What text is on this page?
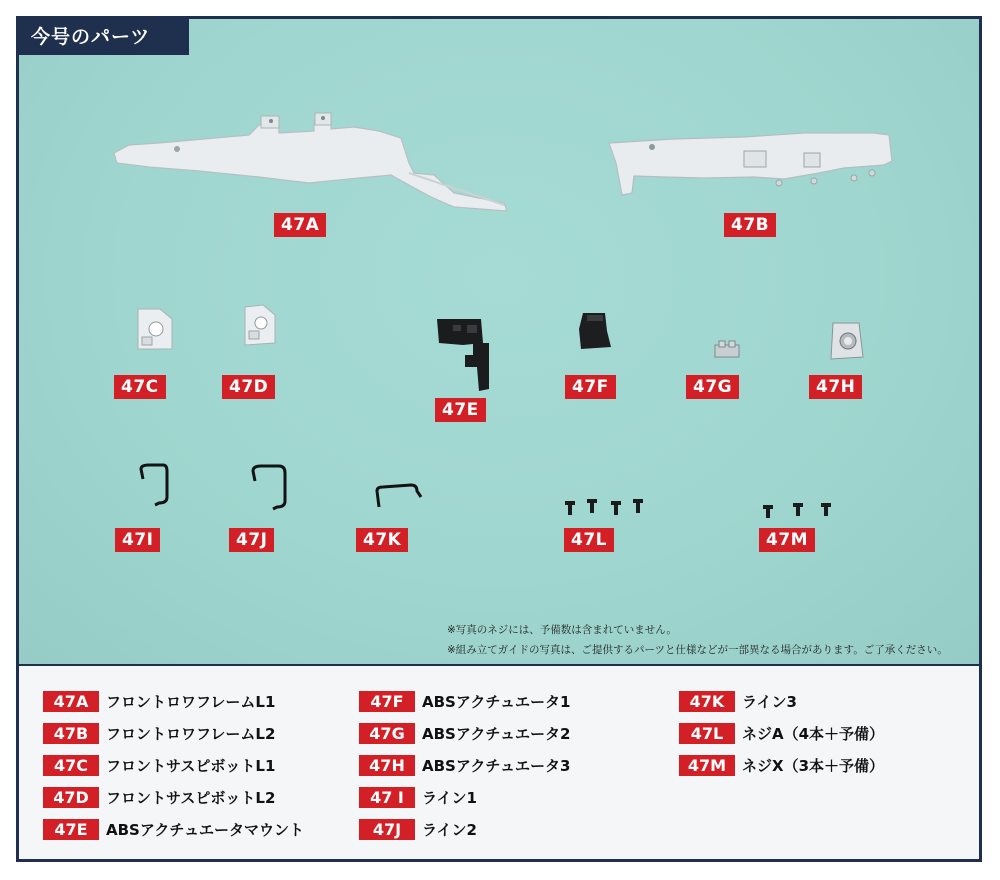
47A	47B
47C	47D
47E
47F	47G	47H
47I	47J	47K	47L	47M
※写真のネジには、予備数は含まれていません。
※組み立てガイドの写真は、ご提供するパーツと仕様などが一部異なる場合があります。ご了承ください。
今号のパーツ
47A	フロントロワフレームL1
47B	フロントロワフレームL2
47C	フロントサスピボットL1
47D	フロントサスピボットL2
47E	ABSアクチュエータマウント
47F	ABSアクチュエータ1
47G	ABSアクチュエータ2
47H	ABSアクチュエータ3
47 I	ライン1
47J	ライン2
47K	ライン3
47L	ネジA（4本＋予備）
47M	ネジX（3本＋予備）
